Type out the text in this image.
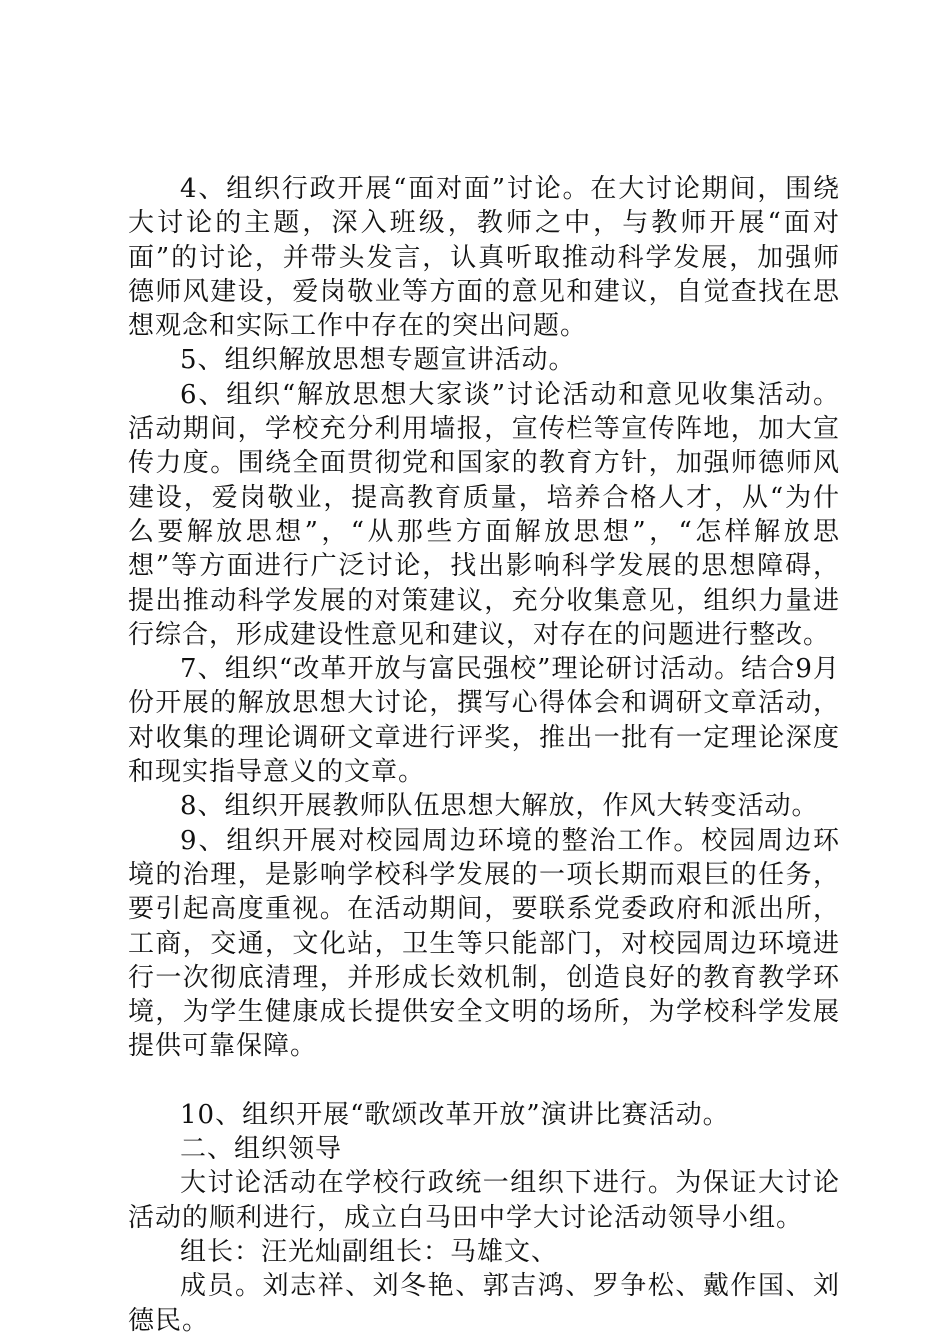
4、组织行政开展“面对面”讨论。在大讨论期间，围绕大讨论的主题，深入班级，教师之中，与教师开展“面对面”的讨论，并带头发言，认真听取推动科学发展，加强师德师风建设，爱岗敬业等方面的意见和建议，自觉查找在思想观念和实际工作中存在的突出问题。

5、组织解放思想专题宣讲活动。

6、组织“解放思想大家谈”讨论活动和意见收集活动。活动期间，学校充分利用墙报，宣传栏等宣传阵地，加大宣传力度。围绕全面贯彻党和国家的教育方针，加强师德师风建设，爱岗敬业，提高教育质量，培养合格人才，从“为什么要解放思想”，“从那些方面解放思想”，“怎样解放思想”等方面进行广泛讨论，找出影响科学发展的思想障碍，提出推动科学发展的对策建议，充分收集意见，组织力量进行综合，形成建设性意见和建议，对存在的问题进行整改。

7、组织“改革开放与富民强校”理论研讨活动。结合9月份开展的解放思想大讨论，撰写心得体会和调研文章活动，对收集的理论调研文章进行评奖，推出一批有一定理论深度和现实指导意义的文章。

8、组织开展教师队伍思想大解放，作风大转变活动。

9、组织开展对校园周边环境的整治工作。校园周边环境的治理，是影响学校科学发展的一项长期而艰巨的任务，要引起高度重视。在活动期间，要联系党委政府和派出所，工商，交通，文化站，卫生等只能部门，对校园周边环境进行一次彻底清理，并形成长效机制，创造良好的教育教学环境，为学生健康成长提供安全文明的场所，为学校科学发展提供可靠保障。

10、组织开展“歌颂改革开放”演讲比赛活动。

二、组织领导

大讨论活动在学校行政统一组织下进行。为保证大讨论活动的顺利进行，成立白马田中学大讨论活动领导小组。

组长：汪光灿副组长：马雄文、

成员。刘志祥、刘冬艳、郭吉鸿、罗争松、戴作国、刘德民。
